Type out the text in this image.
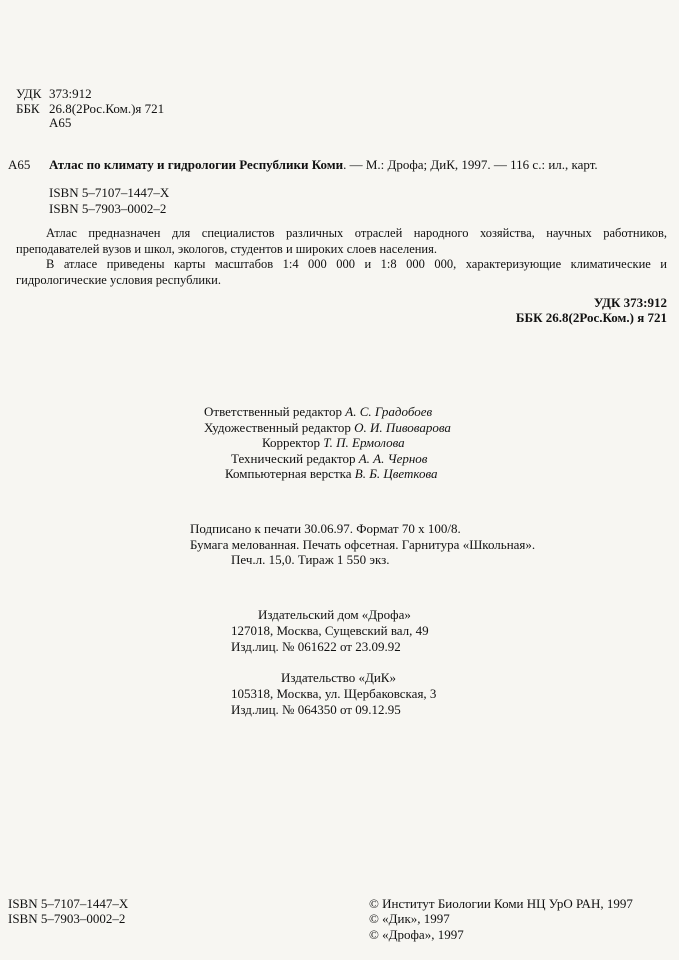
УДК 373:912
ББК 26.8(2Рос.Ком.)я 721
А65
А65 Атлас по климату и гидрологии Республики Коми. — М.: Дрофа; ДиК, 1997. — 116 с.: ил., карт.
ISBN 5–7107–1447–X
ISBN 5–7903–0002–2
Атлас предназначен для специалистов различных отраслей народного хозяйства, научных работников, преподавателей вузов и школ, экологов, студентов и широких слоев населения.
В атласе приведены карты масштабов 1:4 000 000 и 1:8 000 000, характеризующие климатические и гидрологические условия республики.
УДК 373:912
ББК 26.8(2Рос.Ком.) я 721
Ответственный редактор А. С. Градобоев
Художественный редактор О. И. Пивоварова
Корректор Т. П. Ермолова
Технический редактор А. А. Чернов
Компьютерная верстка В. Б. Цветкова
Подписано к печати 30.06.97. Формат 70 х 100/8.
Бумага мелованная. Печать офсетная. Гарнитура «Школьная».
Печ.л. 15,0. Тираж 1 550 экз.
Издательский дом «Дрофа»
127018, Москва, Сущевский вал, 49
Изд.лиц. № 061622 от 23.09.92
Издательство «ДиК»
105318, Москва, ул. Щербаковская, 3
Изд.лиц. № 064350 от 09.12.95
ISBN 5–7107–1447–X
ISBN 5–7903–0002–2
© Институт Биологии Коми НЦ УрО РАН, 1997
© «Дик», 1997
© «Дрофа», 1997
